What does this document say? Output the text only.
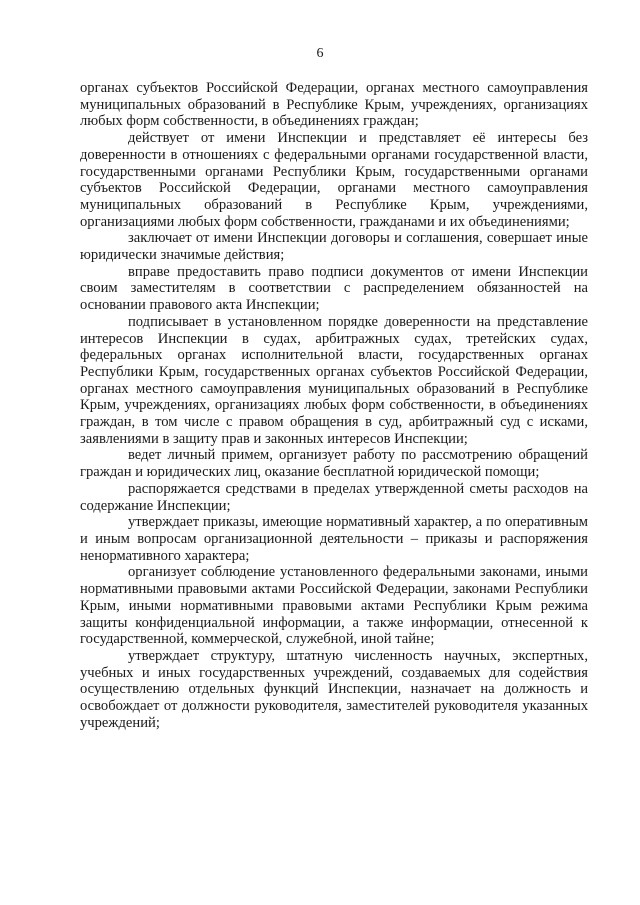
6

органах субъектов Российской Федерации, органах местного самоуправления муниципальных образований в Республике Крым, учреждениях, организациях любых форм собственности, в объединениях граждан;

действует от имени Инспекции и представляет её интересы без доверенности в отношениях с федеральными органами государственной власти, государственными органами Республики Крым, государственными органами субъектов Российской Федерации, органами местного самоуправления муниципальных образований в Республике Крым, учреждениями, организациями любых форм собственности, гражданами и их объединениями;

заключает от имени Инспекции договоры и соглашения, совершает иные юридически значимые действия;

вправе предоставить право подписи документов от имени Инспекции своим заместителям в соответствии с распределением обязанностей на основании правового акта Инспекции;

подписывает в установленном порядке доверенности на представление интересов Инспекции в судах, арбитражных судах, третейских судах, федеральных органах исполнительной власти, государственных органах Республики Крым, государственных органах субъектов Российской Федерации, органах местного самоуправления муниципальных образований в Республике Крым, учреждениях, организациях любых форм собственности, в объединениях граждан, в том числе с правом обращения в суд, арбитражный суд с исками, заявлениями в защиту прав и законных интересов Инспекции;

ведет личный примем, организует работу по рассмотрению обращений граждан и юридических лиц, оказание бесплатной юридической помощи;

распоряжается средствами в пределах утвержденной сметы расходов на содержание Инспекции;

утверждает приказы, имеющие нормативный характер, а по оперативным и иным вопросам организационной деятельности – приказы и распоряжения ненормативного характера;

организует соблюдение установленного федеральными законами, иными нормативными правовыми актами Российской Федерации, законами Республики Крым, иными нормативными правовыми актами Республики Крым режима защиты конфиденциальной информации, а также информации, отнесенной к государственной, коммерческой, служебной, иной тайне;

утверждает структуру, штатную численность научных, экспертных, учебных и иных государственных учреждений, создаваемых для содействия осуществлению отдельных функций Инспекции, назначает на должность и освобождает от должности руководителя, заместителей руководителя указанных учреждений;
